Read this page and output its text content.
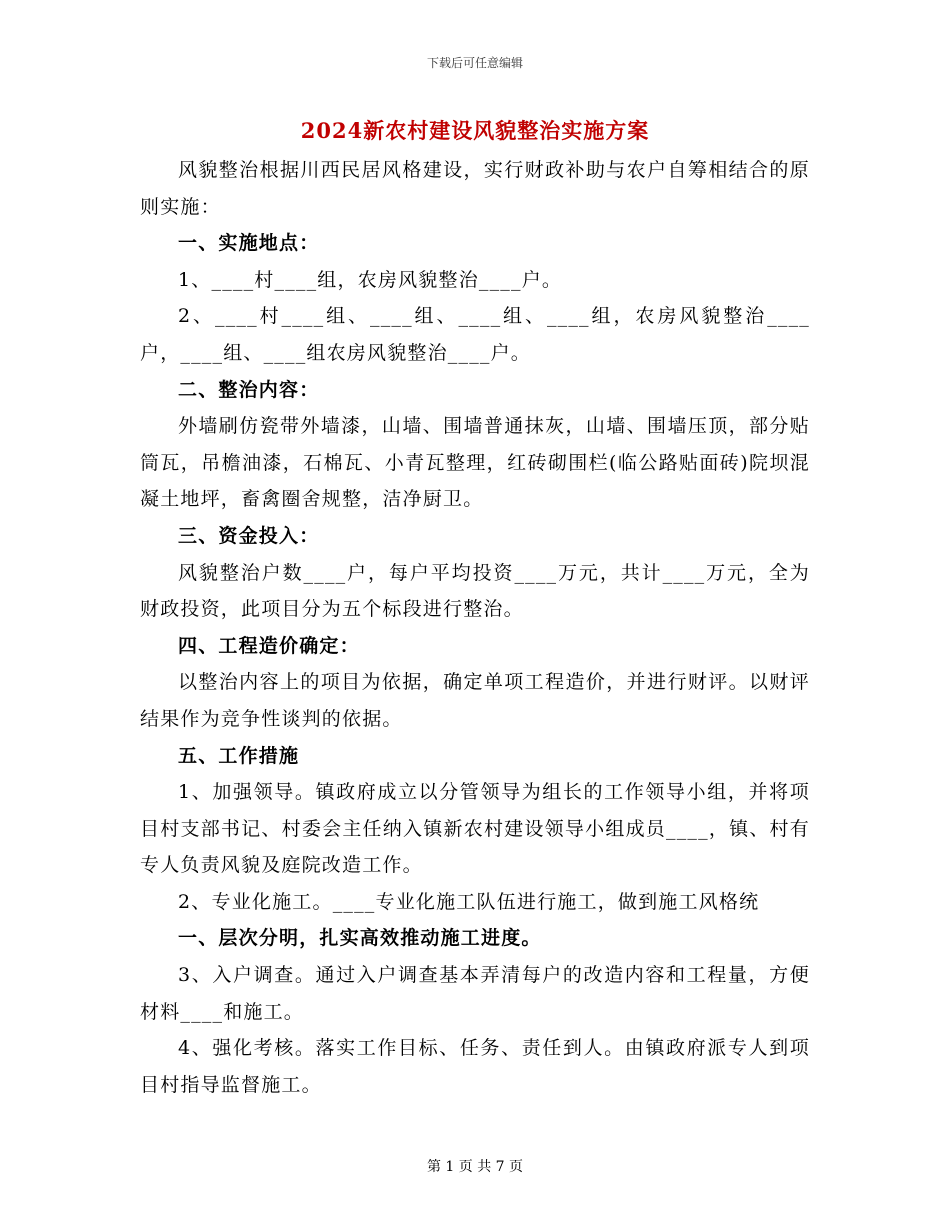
下载后可任意编辑
2024新农村建设风貌整治实施方案

风貌整治根据川西民居风格建设，实行财政补助与农户自筹相结合的原则实施：

一、实施地点：

1、____村____组，农房风貌整治____户。

2、____村____组、____组、____组、____组，农房风貌整治____户，____组、____组农房风貌整治____户。

二、整治内容：

外墙刷仿瓷带外墙漆，山墙、围墙普通抹灰，山墙、围墙压顶，部分贴筒瓦，吊檐油漆，石棉瓦、小青瓦整理，红砖砌围栏(临公路贴面砖)院坝混凝土地坪，畜禽圈舍规整，洁净厨卫。

三、资金投入：

风貌整治户数____户，每户平均投资____万元，共计____万元，全为财政投资，此项目分为五个标段进行整治。

四、工程造价确定：

以整治内容上的项目为依据，确定单项工程造价，并进行财评。以财评结果作为竞争性谈判的依据。

五、工作措施

1、加强领导。镇政府成立以分管领导为组长的工作领导小组，并将项目村支部书记、村委会主任纳入镇新农村建设领导小组成员____，镇、村有专人负责风貌及庭院改造工作。

2、专业化施工。____专业化施工队伍进行施工，做到施工风格统

一、层次分明，扎实高效推动施工进度。

3、入户调查。通过入户调查基本弄清每户的改造内容和工程量，方便材料____和施工。

4、强化考核。落实工作目标、任务、责任到人。由镇政府派专人到项目村指导监督施工。

第 1 页 共 7 页
